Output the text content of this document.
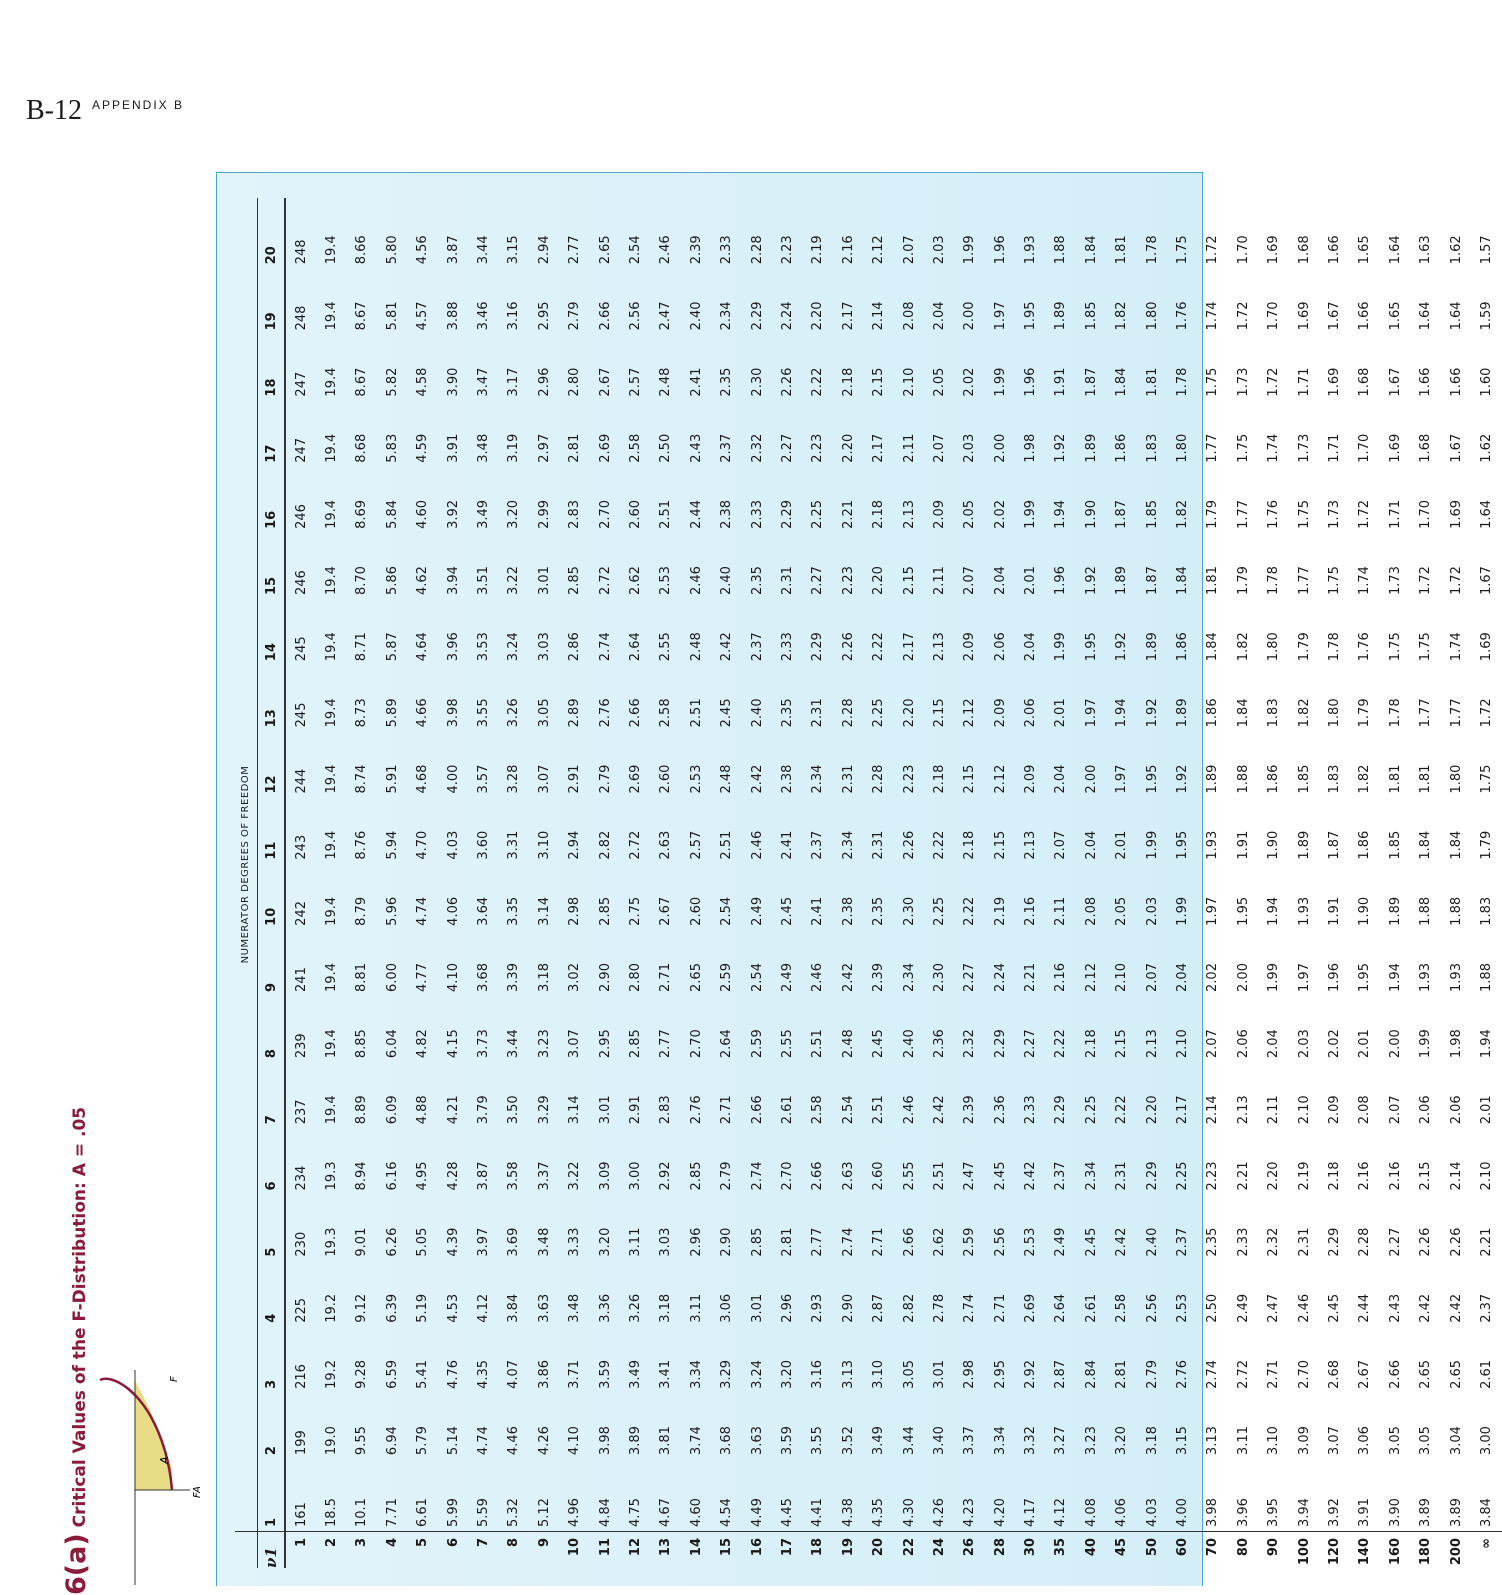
B-12 $^{APPENDIX B}$
6(a)Critical Values of the F-Distribution: A = .05	A
F
FA
	NUMERATOR DEGREES OF FREEDOM																			
ν1	1	2	3	4	5	6	7	8	9	10	11	12	13	14	15	16	17	18	19	20
1	161	199	216	225	230	234	237	239	241	242	243	244	245	245	246	246	247	247	248	248
2	18.5	19.0	19.2	19.2	19.3	19.3	19.4	19.4	19.4	19.4	19.4	19.4	19.4	19.4	19.4	19.4	19.4	19.4	19.4	19.4
3	10.1	9.55	9.28	9.12	9.01	8.94	8.89	8.85	8.81	8.79	8.76	8.74	8.73	8.71	8.70	8.69	8.68	8.67	8.67	8.66
4	7.71	6.94	6.59	6.39	6.26	6.16	6.09	6.04	6.00	5.96	5.94	5.91	5.89	5.87	5.86	5.84	5.83	5.82	5.81	5.80
5	6.61	5.79	5.41	5.19	5.05	4.95	4.88	4.82	4.77	4.74	4.70	4.68	4.66	4.64	4.62	4.60	4.59	4.58	4.57	4.56
6	5.99	5.14	4.76	4.53	4.39	4.28	4.21	4.15	4.10	4.06	4.03	4.00	3.98	3.96	3.94	3.92	3.91	3.90	3.88	3.87
7	5.59	4.74	4.35	4.12	3.97	3.87	3.79	3.73	3.68	3.64	3.60	3.57	3.55	3.53	3.51	3.49	3.48	3.47	3.46	3.44
8	5.32	4.46	4.07	3.84	3.69	3.58	3.50	3.44	3.39	3.35	3.31	3.28	3.26	3.24	3.22	3.20	3.19	3.17	3.16	3.15
9	5.12	4.26	3.86	3.63	3.48	3.37	3.29	3.23	3.18	3.14	3.10	3.07	3.05	3.03	3.01	2.99	2.97	2.96	2.95	2.94
10	4.96	4.10	3.71	3.48	3.33	3.22	3.14	3.07	3.02	2.98	2.94	2.91	2.89	2.86	2.85	2.83	2.81	2.80	2.79	2.77
11	4.84	3.98	3.59	3.36	3.20	3.09	3.01	2.95	2.90	2.85	2.82	2.79	2.76	2.74	2.72	2.70	2.69	2.67	2.66	2.65
12	4.75	3.89	3.49	3.26	3.11	3.00	2.91	2.85	2.80	2.75	2.72	2.69	2.66	2.64	2.62	2.60	2.58	2.57	2.56	2.54
13	4.67	3.81	3.41	3.18	3.03	2.92	2.83	2.77	2.71	2.67	2.63	2.60	2.58	2.55	2.53	2.51	2.50	2.48	2.47	2.46
14	4.60	3.74	3.34	3.11	2.96	2.85	2.76	2.70	2.65	2.60	2.57	2.53	2.51	2.48	2.46	2.44	2.43	2.41	2.40	2.39
15	4.54	3.68	3.29	3.06	2.90	2.79	2.71	2.64	2.59	2.54	2.51	2.48	2.45	2.42	2.40	2.38	2.37	2.35	2.34	2.33
16	4.49	3.63	3.24	3.01	2.85	2.74	2.66	2.59	2.54	2.49	2.46	2.42	2.40	2.37	2.35	2.33	2.32	2.30	2.29	2.28
17	4.45	3.59	3.20	2.96	2.81	2.70	2.61	2.55	2.49	2.45	2.41	2.38	2.35	2.33	2.31	2.29	2.27	2.26	2.24	2.23
18	4.41	3.55	3.16	2.93	2.77	2.66	2.58	2.51	2.46	2.41	2.37	2.34	2.31	2.29	2.27	2.25	2.23	2.22	2.20	2.19
19	4.38	3.52	3.13	2.90	2.74	2.63	2.54	2.48	2.42	2.38	2.34	2.31	2.28	2.26	2.23	2.21	2.20	2.18	2.17	2.16
20	4.35	3.49	3.10	2.87	2.71	2.60	2.51	2.45	2.39	2.35	2.31	2.28	2.25	2.22	2.20	2.18	2.17	2.15	2.14	2.12
22	4.30	3.44	3.05	2.82	2.66	2.55	2.46	2.40	2.34	2.30	2.26	2.23	2.20	2.17	2.15	2.13	2.11	2.10	2.08	2.07
24	4.26	3.40	3.01	2.78	2.62	2.51	2.42	2.36	2.30	2.25	2.22	2.18	2.15	2.13	2.11	2.09	2.07	2.05	2.04	2.03
26	4.23	3.37	2.98	2.74	2.59	2.47	2.39	2.32	2.27	2.22	2.18	2.15	2.12	2.09	2.07	2.05	2.03	2.02	2.00	1.99
28	4.20	3.34	2.95	2.71	2.56	2.45	2.36	2.29	2.24	2.19	2.15	2.12	2.09	2.06	2.04	2.02	2.00	1.99	1.97	1.96
30	4.17	3.32	2.92	2.69	2.53	2.42	2.33	2.27	2.21	2.16	2.13	2.09	2.06	2.04	2.01	1.99	1.98	1.96	1.95	1.93
35	4.12	3.27	2.87	2.64	2.49	2.37	2.29	2.22	2.16	2.11	2.07	2.04	2.01	1.99	1.96	1.94	1.92	1.91	1.89	1.88
40	4.08	3.23	2.84	2.61	2.45	2.34	2.25	2.18	2.12	2.08	2.04	2.00	1.97	1.95	1.92	1.90	1.89	1.87	1.85	1.84
45	4.06	3.20	2.81	2.58	2.42	2.31	2.22	2.15	2.10	2.05	2.01	1.97	1.94	1.92	1.89	1.87	1.86	1.84	1.82	1.81
50	4.03	3.18	2.79	2.56	2.40	2.29	2.20	2.13	2.07	2.03	1.99	1.95	1.92	1.89	1.87	1.85	1.83	1.81	1.80	1.78
60	4.00	3.15	2.76	2.53	2.37	2.25	2.17	2.10	2.04	1.99	1.95	1.92	1.89	1.86	1.84	1.82	1.80	1.78	1.76	1.75
70	3.98	3.13	2.74	2.50	2.35	2.23	2.14	2.07	2.02	1.97	1.93	1.89	1.86	1.84	1.81	1.79	1.77	1.75	1.74	1.72
80	3.96	3.11	2.72	2.49	2.33	2.21	2.13	2.06	2.00	1.95	1.91	1.88	1.84	1.82	1.79	1.77	1.75	1.73	1.72	1.70
90	3.95	3.10	2.71	2.47	2.32	2.20	2.11	2.04	1.99	1.94	1.90	1.86	1.83	1.80	1.78	1.76	1.74	1.72	1.70	1.69
100	3.94	3.09	2.70	2.46	2.31	2.19	2.10	2.03	1.97	1.93	1.89	1.85	1.82	1.79	1.77	1.75	1.73	1.71	1.69	1.68
120	3.92	3.07	2.68	2.45	2.29	2.18	2.09	2.02	1.96	1.91	1.87	1.83	1.80	1.78	1.75	1.73	1.71	1.69	1.67	1.66
140	3.91	3.06	2.67	2.44	2.28	2.16	2.08	2.01	1.95	1.90	1.86	1.82	1.79	1.76	1.74	1.72	1.70	1.68	1.66	1.65
160	3.90	3.05	2.66	2.43	2.27	2.16	2.07	2.00	1.94	1.89	1.85	1.81	1.78	1.75	1.73	1.71	1.69	1.67	1.65	1.64
180	3.89	3.05	2.65	2.42	2.26	2.15	2.06	1.99	1.93	1.88	1.84	1.81	1.77	1.75	1.72	1.70	1.68	1.66	1.64	1.63
200	3.89	3.04	2.65	2.42	2.26	2.14	2.06	1.98	1.93	1.88	1.84	1.80	1.77	1.74	1.72	1.69	1.67	1.66	1.64	1.62
∞	3.84	3.00	2.61	2.37	2.21	2.10	2.01	1.94	1.88	1.83	1.79	1.75	1.72	1.69	1.67	1.64	1.62	1.60	1.59	1.57
